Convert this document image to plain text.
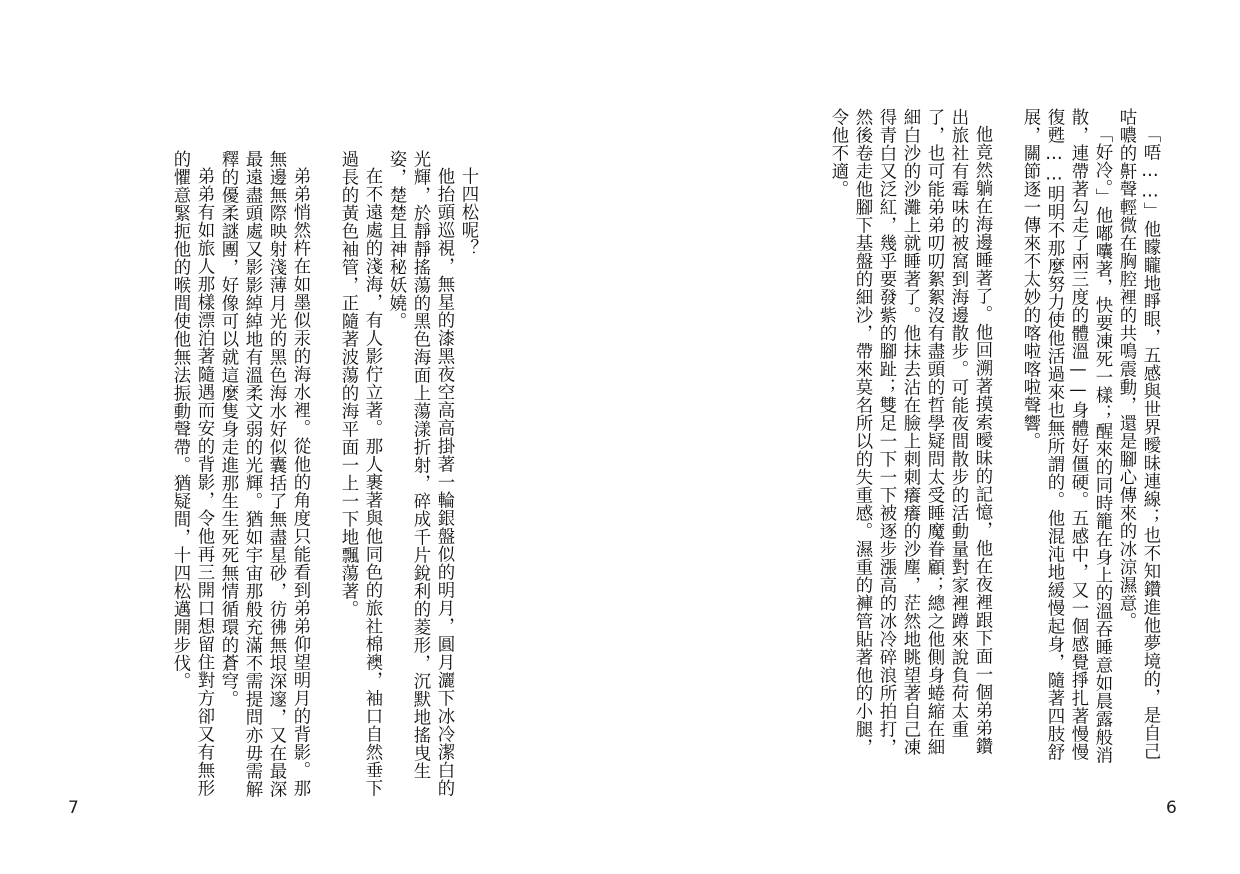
「唔……」他矇矓地睜眼，五感與世界曖昧連線；也不知鑽進他夢境的，是自己咕噥的鼾聲輕微在胸腔裡的共鳴震動，還是腳心傳來的冰涼濕意。

「好冷。」他嘟囔著，快要凍死一樣；醒來的同時籠在身上的溫吞睡意如晨露般消散，連帶著勾走了兩三度的體溫——身體好僵硬。五感中，又一個感覺掙扎著慢慢復甦……明明不那麼努力使他活過來也無所謂的。他混沌地緩慢起身，隨著四肢舒展，關節逐一傳來不太妙的喀啦喀啦聲響。

他竟然躺在海邊睡著了。他回溯著摸索曖昧的記憶，他在夜裡跟下面一個弟弟鑽出旅社有霉味的被窩到海邊散步。可能夜間散步的活動量對家裡蹲來說負荷太重了，也可能弟弟叨叨絮絮沒有盡頭的哲學疑問太受睡魔眷顧；總之他側身蜷縮在細細白沙的沙灘上就睡著了。他抹去沾在臉上刺刺癢癢的沙塵，茫然地眺望著自己凍得青白又泛紅，幾乎要發紫的腳趾；雙足一下一下被逐步漲高的冰冷碎浪所拍打，然後卷走他腳下基盤的細沙，帶來莫名所以的失重感。濕重的褲管貼著他的小腿，令他不適。

6

十四松呢？

他抬頭巡視，無星的漆黑夜空高高掛著一輪銀盤似的明月，圓月灑下冰冷潔白的光輝，於靜靜搖蕩的黑色海面上蕩漾折射，碎成千片銳利的菱形，沉默地搖曳生姿，楚楚且神秘妖嬈。

在不遠處的淺海，有人影佇立著。那人裹著與他同色的旅社棉襖，袖口自然垂下過長的黃色袖管，正隨著波蕩的海平面一上一下地飄蕩著。

弟弟悄然杵在如墨似汞的海水裡。從他的角度只能看到弟弟仰望明月的背影。那無邊無際映射淺薄月光的黑色海水好似囊括了無盡星砂，彷彿無垠深邃，又在最深最遠盡頭處又影影綽綽地有溫柔文弱的光輝。猶如宇宙那般充滿不需提問亦毋需解釋的優柔謎團，好像可以就這麼隻身走進那生生死死無情循環的蒼穹。

弟弟有如旅人那樣漂泊著隨遇而安的背影，令他再三開口想留住對方卻又有無形的懼意緊扼他的喉間使他無法振動聲帶。猶疑間，十四松邁開步伐。

7
